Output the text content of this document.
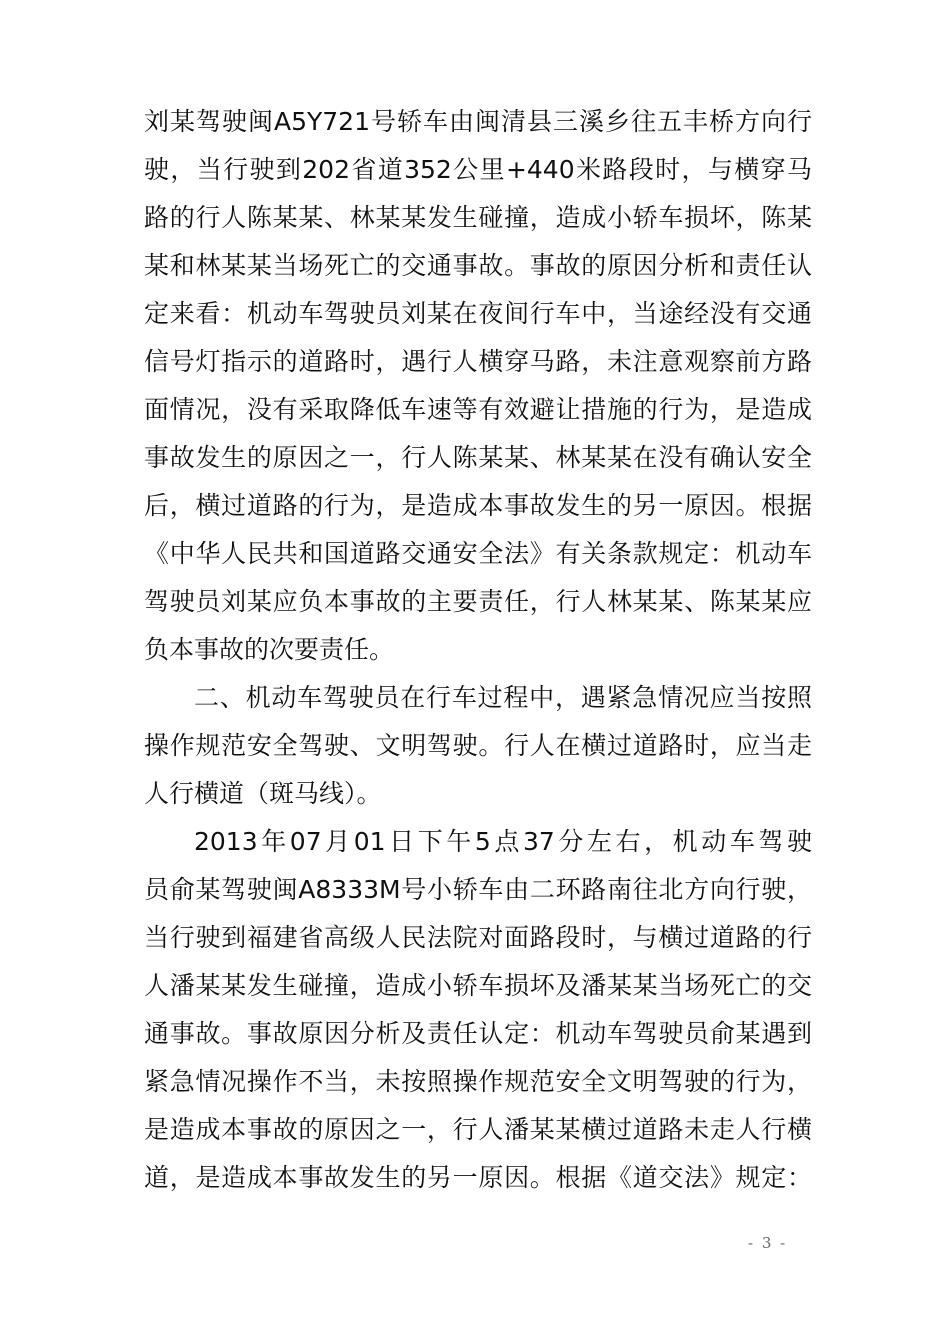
刘某驾驶闽A5Y721号轿车由闽清县三溪乡往五丰桥方向行
驶，当行驶到202省道352公里+440米路段时，与横穿马
路的行人陈某某、林某某发生碰撞，造成小轿车损坏，陈某
某和林某某当场死亡的交通事故。事故的原因分析和责任认
定来看：机动车驾驶员刘某在夜间行车中，当途经没有交通
信号灯指示的道路时，遇行人横穿马路，未注意观察前方路
面情况，没有采取降低车速等有效避让措施的行为，是造成
事故发生的原因之一，行人陈某某、林某某在没有确认安全
后，横过道路的行为，是造成本事故发生的另一原因。根据
《中华人民共和国道路交通安全法》有关条款规定：机动车
驾驶员刘某应负本事故的主要责任，行人林某某、陈某某应
负本事故的次要责任。
二、机动车驾驶员在行车过程中，遇紧急情况应当按照
操作规范安全驾驶、文明驾驶。行人在横过道路时，应当走
人行横道（斑马线）。
2013年07月01日下午5点37分左右，机动车驾驶
员俞某驾驶闽A8333M号小轿车由二环路南往北方向行驶，
当行驶到福建省高级人民法院对面路段时，与横过道路的行
人潘某某发生碰撞，造成小轿车损坏及潘某某当场死亡的交
通事故。事故原因分析及责任认定：机动车驾驶员俞某遇到
紧急情况操作不当，未按照操作规范安全文明驾驶的行为，
是造成本事故的原因之一，行人潘某某横过道路未走人行横
道，是造成本事故发生的另一原因。根据《道交法》规定：
- 3 -
